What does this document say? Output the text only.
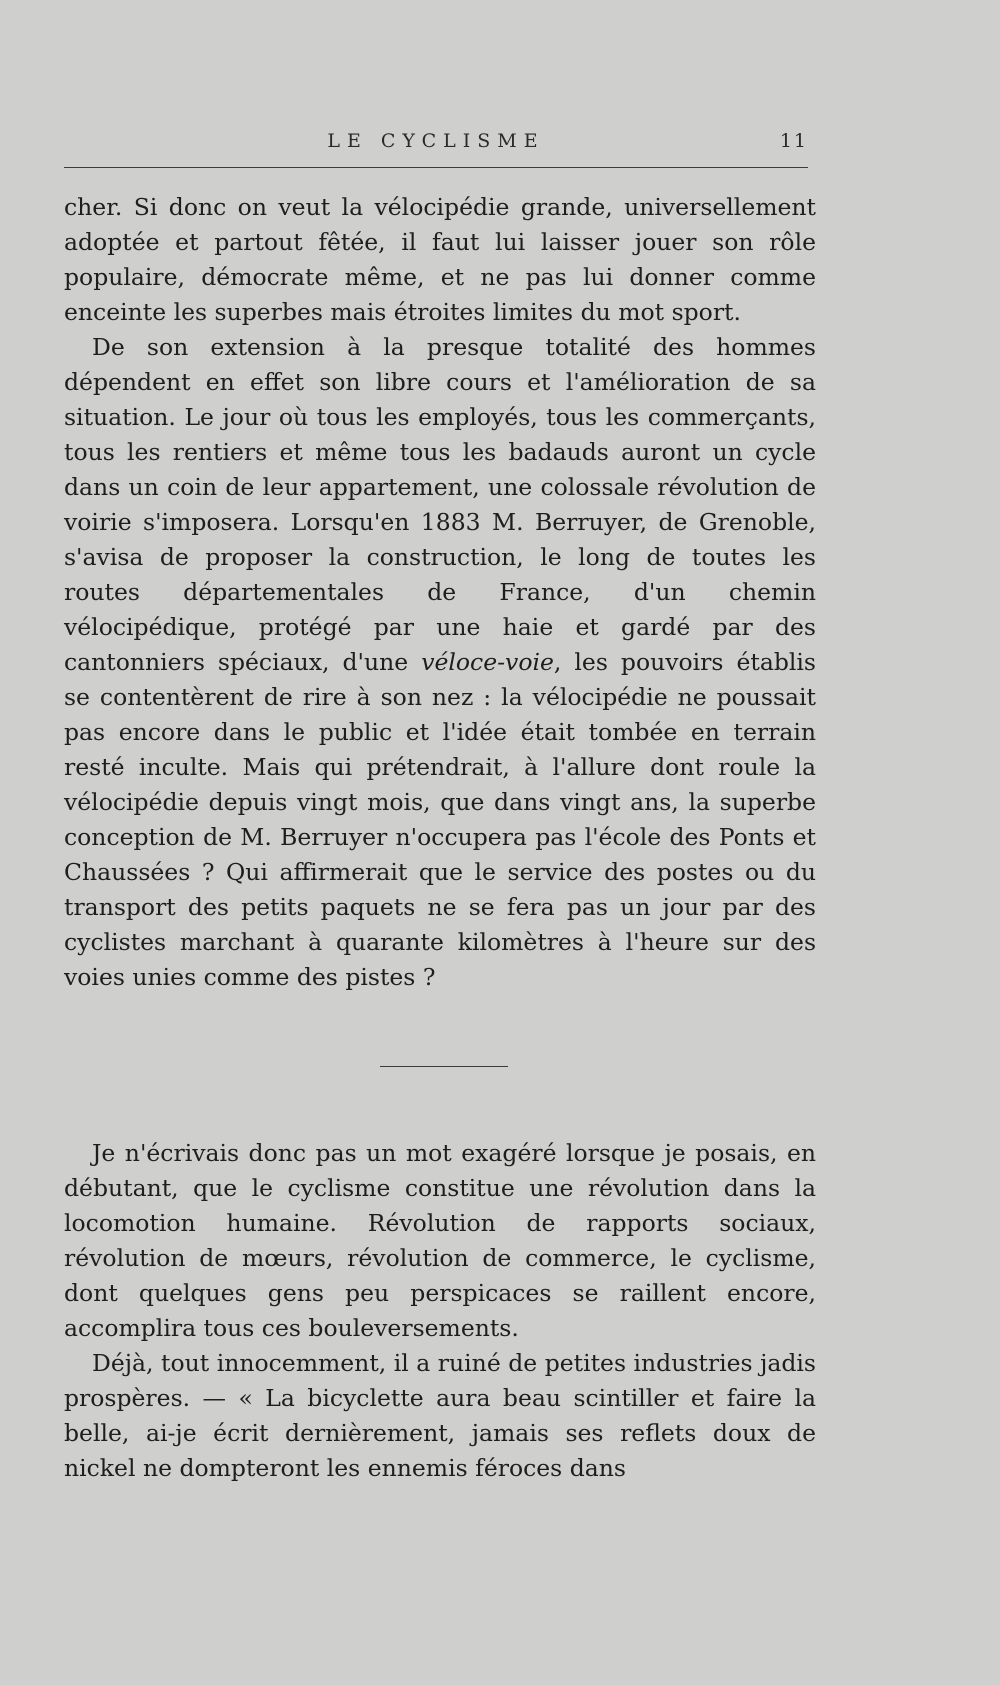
LE CYCLISME	11

cher. Si donc on veut la vélocipédie grande, universellement adoptée et partout fêtée, il faut lui laisser jouer son rôle populaire, démocrate même, et ne pas lui donner comme enceinte les superbes mais étroites limites du mot sport.

De son extension à la presque totalité des hommes dépendent en effet son libre cours et l'amélioration de sa situation. Le jour où tous les employés, tous les commerçants, tous les rentiers et même tous les badauds auront un cycle dans un coin de leur appartement, une colossale révolution de voirie s'imposera. Lorsqu'en 1883 M. Berruyer, de Grenoble, s'avisa de proposer la construction, le long de toutes les routes départementales de France, d'un chemin vélocipédique, protégé par une haie et gardé par des cantonniers spéciaux, d'une véloce-voie, les pouvoirs établis se contentèrent de rire à son nez : la vélocipédie ne poussait pas encore dans le public et l'idée était tombée en terrain resté inculte. Mais qui prétendrait, à l'allure dont roule la vélocipédie depuis vingt mois, que dans vingt ans, la superbe conception de M. Berruyer n'occupera pas l'école des Ponts et Chaussées ? Qui affirmerait que le service des postes ou du transport des petits paquets ne se fera pas un jour par des cyclistes marchant à quarante kilomètres à l'heure sur des voies unies comme des pistes ?

Je n'écrivais donc pas un mot exagéré lorsque je posais, en débutant, que le cyclisme constitue une révolution dans la locomotion humaine. Révolution de rapports sociaux, révolution de mœurs, révolution de commerce, le cyclisme, dont quelques gens peu perspicaces se raillent encore, accomplira tous ces bouleversements.

Déjà, tout innocemment, il a ruiné de petites industries jadis prospères. — « La bicyclette aura beau scintiller et faire la belle, ai-je écrit dernièrement, jamais ses reflets doux de nickel ne dompteront les ennemis féroces dans
